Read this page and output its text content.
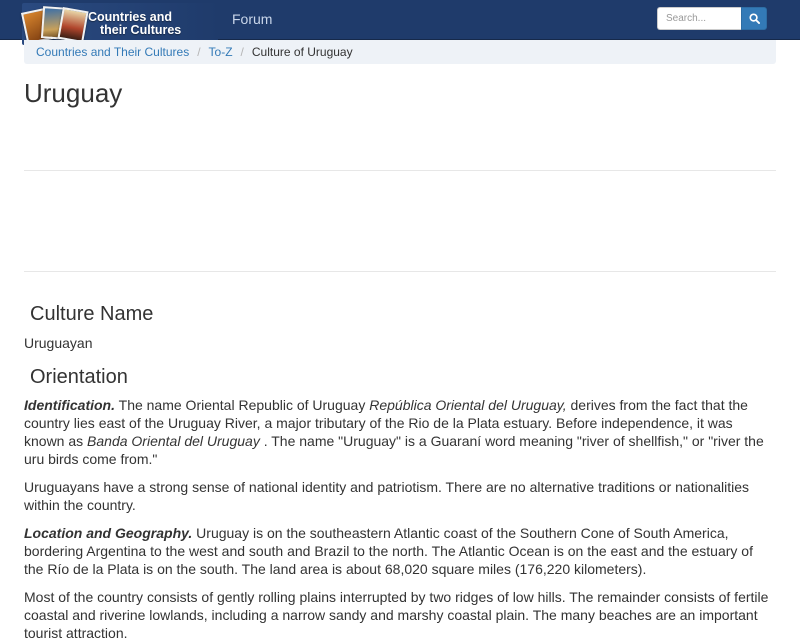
Countries and
their Cultures
Forum
Search...
Countries and Their Cultures / To-Z / Culture of Uruguay
Uruguay
Culture Name

Uruguayan

Orientation

Identification. The name Oriental Republic of Uruguay República Oriental del Uruguay, derives from the fact that the country lies east of the Uruguay River, a major tributary of the Rio de la Plata estuary. Before independence, it was known as Banda Oriental del Uruguay . The name "Uruguay" is a Guaraní word meaning "river of shellfish," or "river the uru birds come from."

Uruguayans have a strong sense of national identity and patriotism. There are no alternative traditions or nationalities within the country.

Location and Geography. Uruguay is on the southeastern Atlantic coast of the Southern Cone of South America, bordering Argentina to the west and south and Brazil to the north. The Atlantic Ocean is on the east and the estuary of the Río de la Plata is on the south. The land area is about 68,020 square miles (176,220 kilometers).

Most of the country consists of gently rolling plains interrupted by two ridges of low hills. The remainder consists of fertile coastal and riverine lowlands, including a narrow sandy and marshy coastal plain. The many beaches are an important tourist attraction.
